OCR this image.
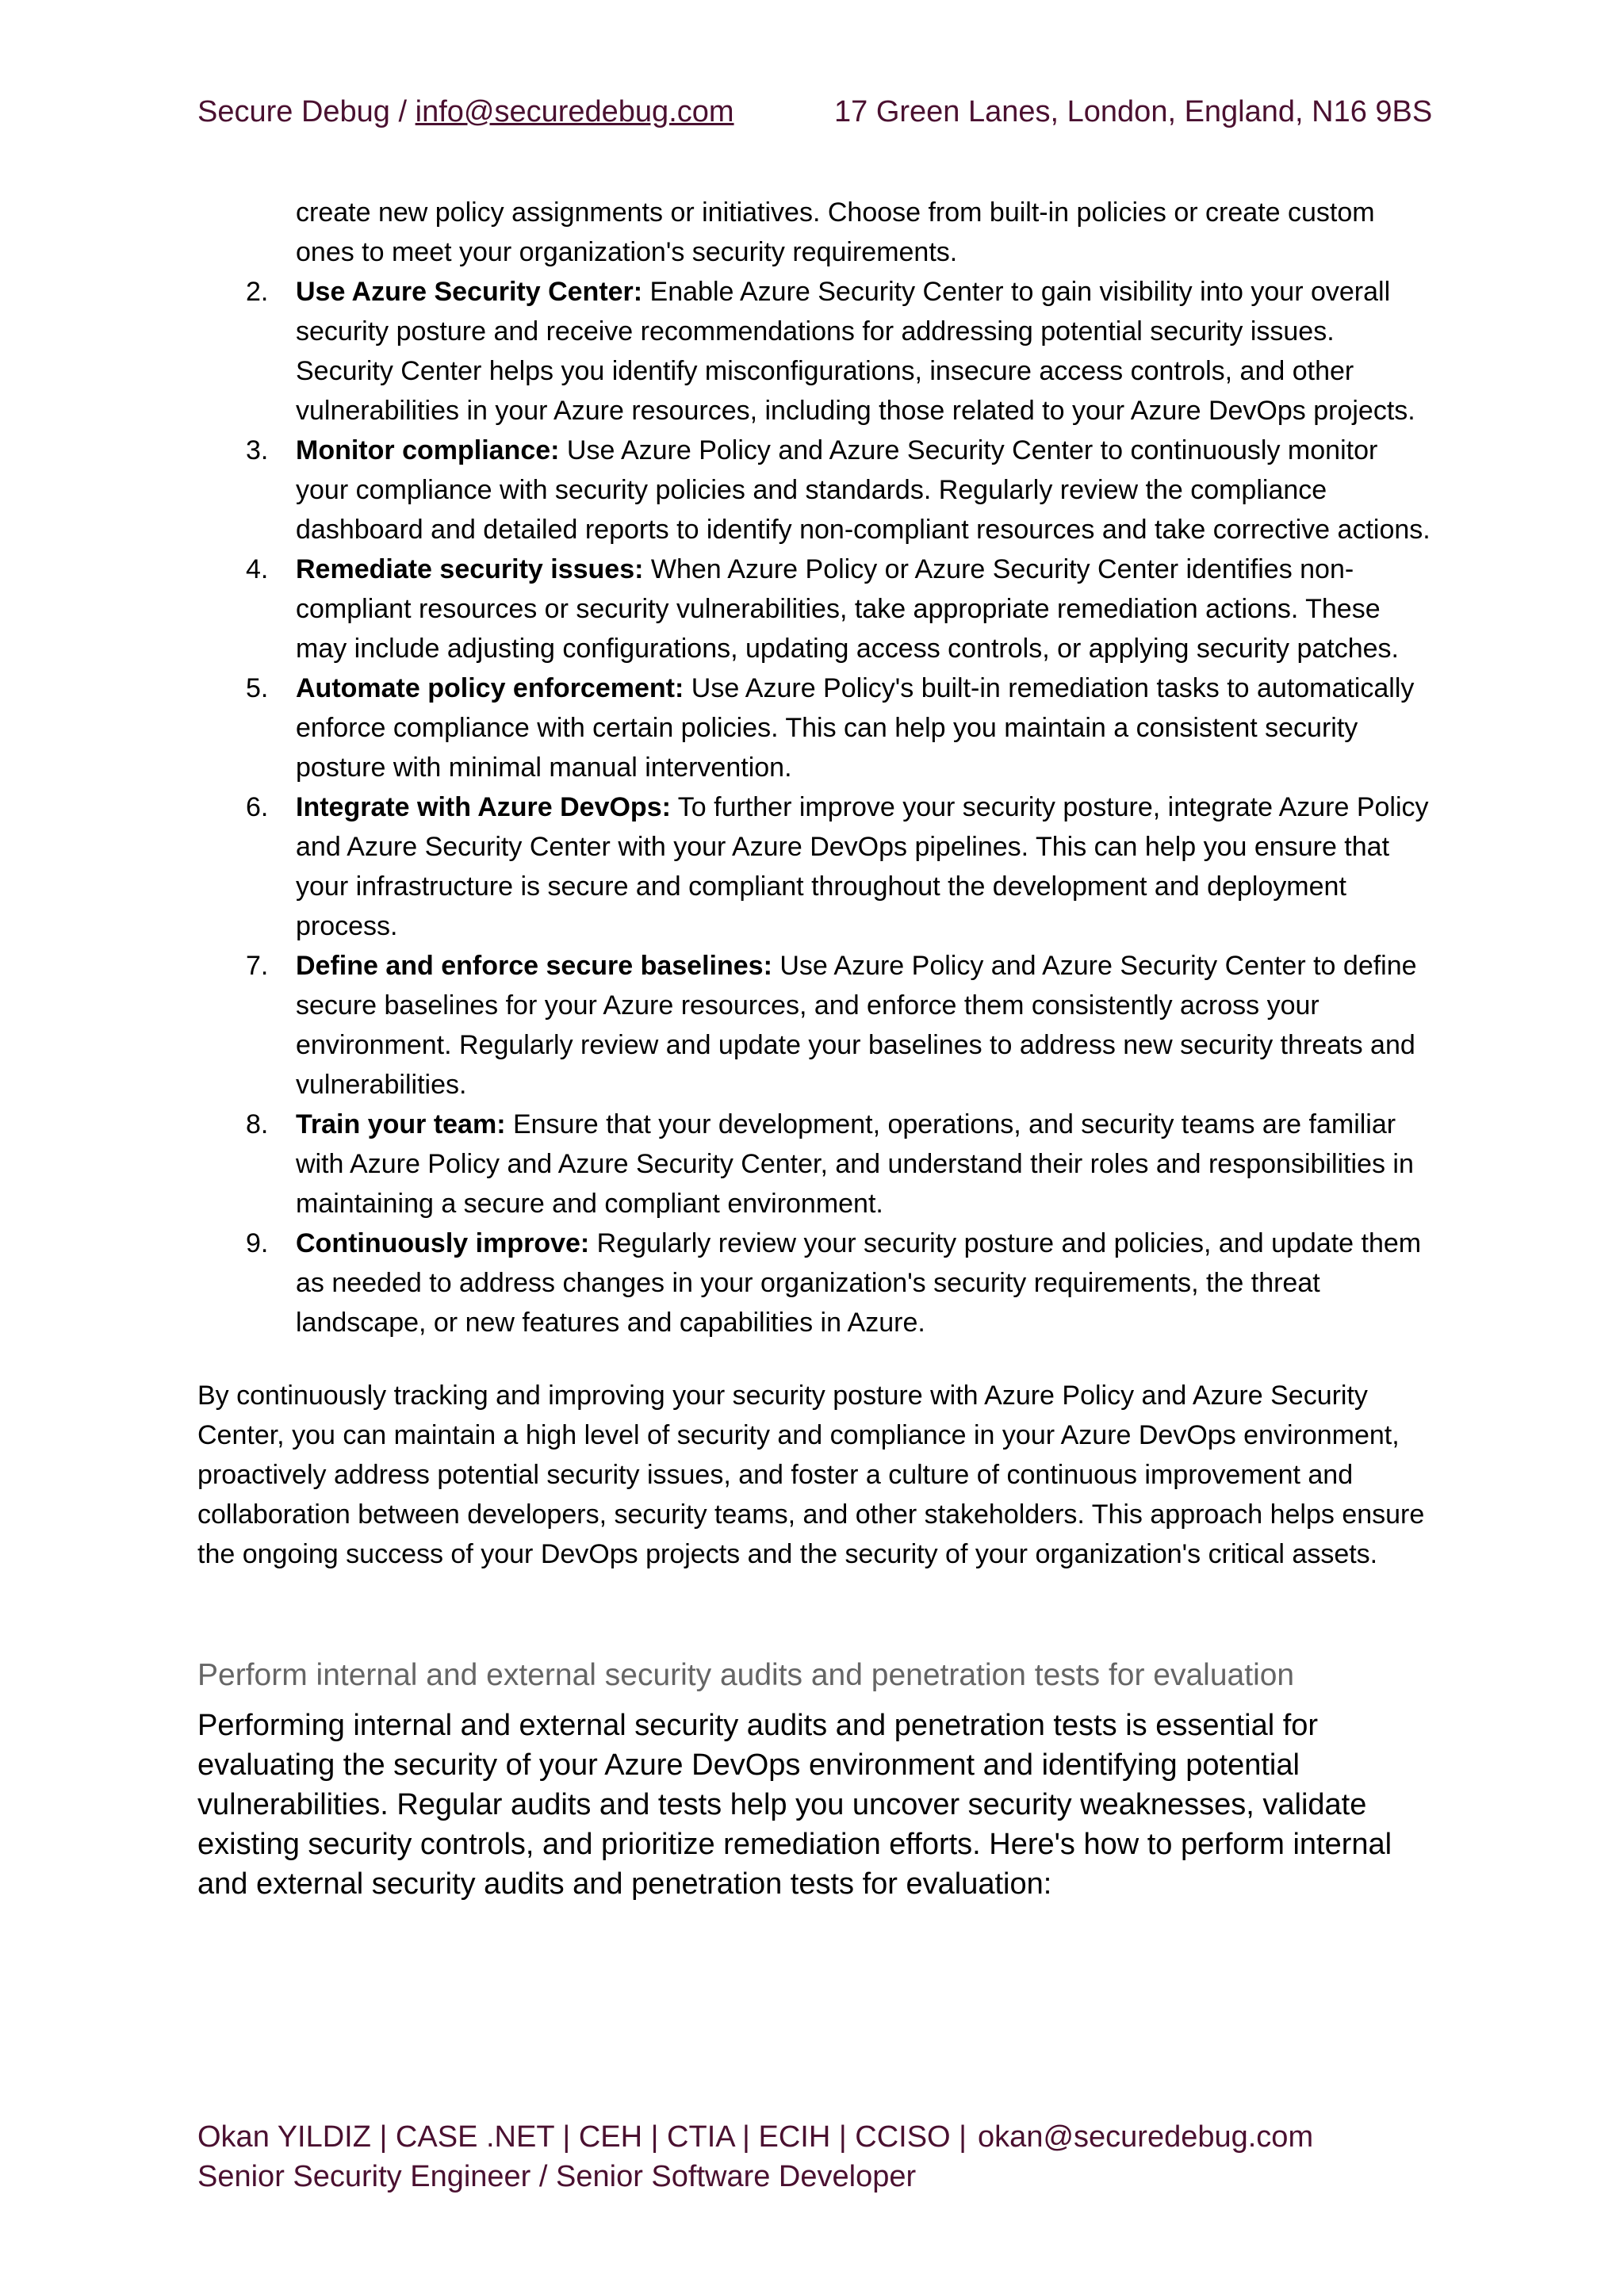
Secure Debug / info@securedebug.com	17 Green Lanes, London, England, N16 9BS

create new policy assignments or initiatives. Choose from built-in policies or create custom ones to meet your organization's security requirements.

2. Use Azure Security Center: Enable Azure Security Center to gain visibility into your overall security posture and receive recommendations for addressing potential security issues. Security Center helps you identify misconfigurations, insecure access controls, and other vulnerabilities in your Azure resources, including those related to your Azure DevOps projects.
3. Monitor compliance: Use Azure Policy and Azure Security Center to continuously monitor your compliance with security policies and standards. Regularly review the compliance dashboard and detailed reports to identify non-compliant resources and take corrective actions.
4. Remediate security issues: When Azure Policy or Azure Security Center identifies non-compliant resources or security vulnerabilities, take appropriate remediation actions. These may include adjusting configurations, updating access controls, or applying security patches.
5. Automate policy enforcement: Use Azure Policy's built-in remediation tasks to automatically enforce compliance with certain policies. This can help you maintain a consistent security posture with minimal manual intervention.
6. Integrate with Azure DevOps: To further improve your security posture, integrate Azure Policy and Azure Security Center with your Azure DevOps pipelines. This can help you ensure that your infrastructure is secure and compliant throughout the development and deployment process.
7. Define and enforce secure baselines: Use Azure Policy and Azure Security Center to define secure baselines for your Azure resources, and enforce them consistently across your environment. Regularly review and update your baselines to address new security threats and vulnerabilities.
8. Train your team: Ensure that your development, operations, and security teams are familiar with Azure Policy and Azure Security Center, and understand their roles and responsibilities in maintaining a secure and compliant environment.
9. Continuously improve: Regularly review your security posture and policies, and update them as needed to address changes in your organization's security requirements, the threat landscape, or new features and capabilities in Azure.

By continuously tracking and improving your security posture with Azure Policy and Azure Security Center, you can maintain a high level of security and compliance in your Azure DevOps environment, proactively address potential security issues, and foster a culture of continuous improvement and collaboration between developers, security teams, and other stakeholders. This approach helps ensure the ongoing success of your DevOps projects and the security of your organization's critical assets.

Perform internal and external security audits and penetration tests for evaluation

Performing internal and external security audits and penetration tests is essential for evaluating the security of your Azure DevOps environment and identifying potential vulnerabilities. Regular audits and tests help you uncover security weaknesses, validate existing security controls, and prioritize remediation efforts. Here's how to perform internal and external security audits and penetration tests for evaluation:

Okan YILDIZ | CASE .NET | CEH | CTIA | ECIH | CCISO | okan@securedebug.com
Senior Security Engineer / Senior Software Developer
